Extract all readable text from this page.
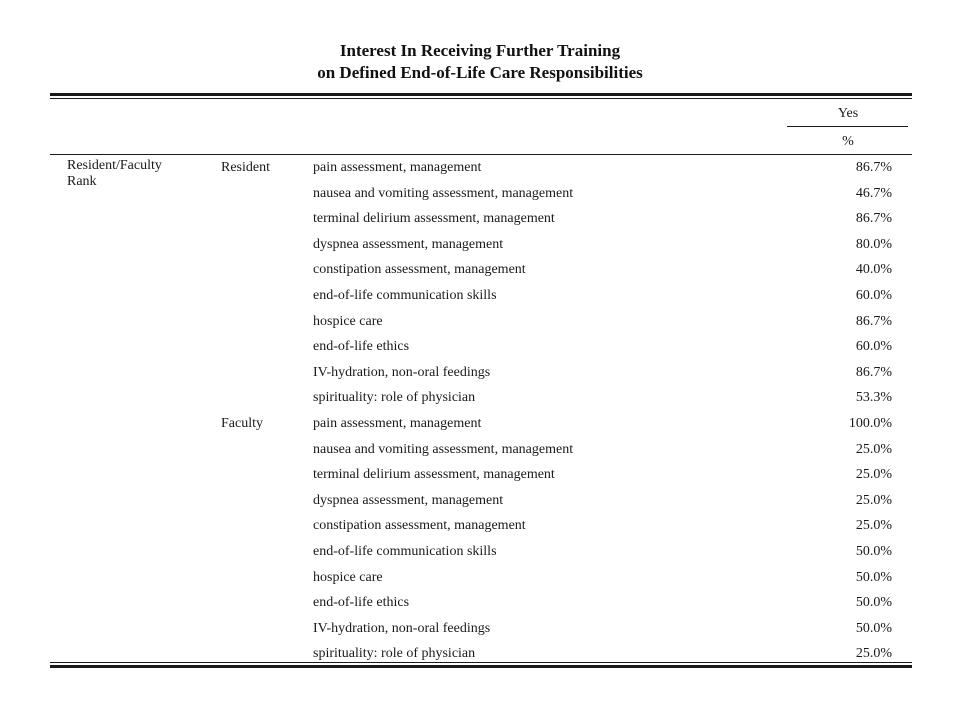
Interest In Receiving Further Training
on Defined End-of-Life Care Responsibilities
Yes
%
Resident/Faculty
Rank
Resident	pain assessment, management	86.7%
nausea and vomiting assessment, management	46.7%
terminal delirium assessment, management	86.7%
dyspnea assessment, management	80.0%
constipation assessment, management	40.0%
end-of-life communication skills	60.0%
hospice care	86.7%
end-of-life ethics	60.0%
IV-hydration, non-oral feedings	86.7%
spirituality: role of physician	53.3%
Faculty	pain assessment, management	100.0%
nausea and vomiting assessment, management	25.0%
terminal delirium assessment, management	25.0%
dyspnea assessment, management	25.0%
constipation assessment, management	25.0%
end-of-life communication skills	50.0%
hospice care	50.0%
end-of-life ethics	50.0%
IV-hydration, non-oral feedings	50.0%
spirituality: role of physician	25.0%
